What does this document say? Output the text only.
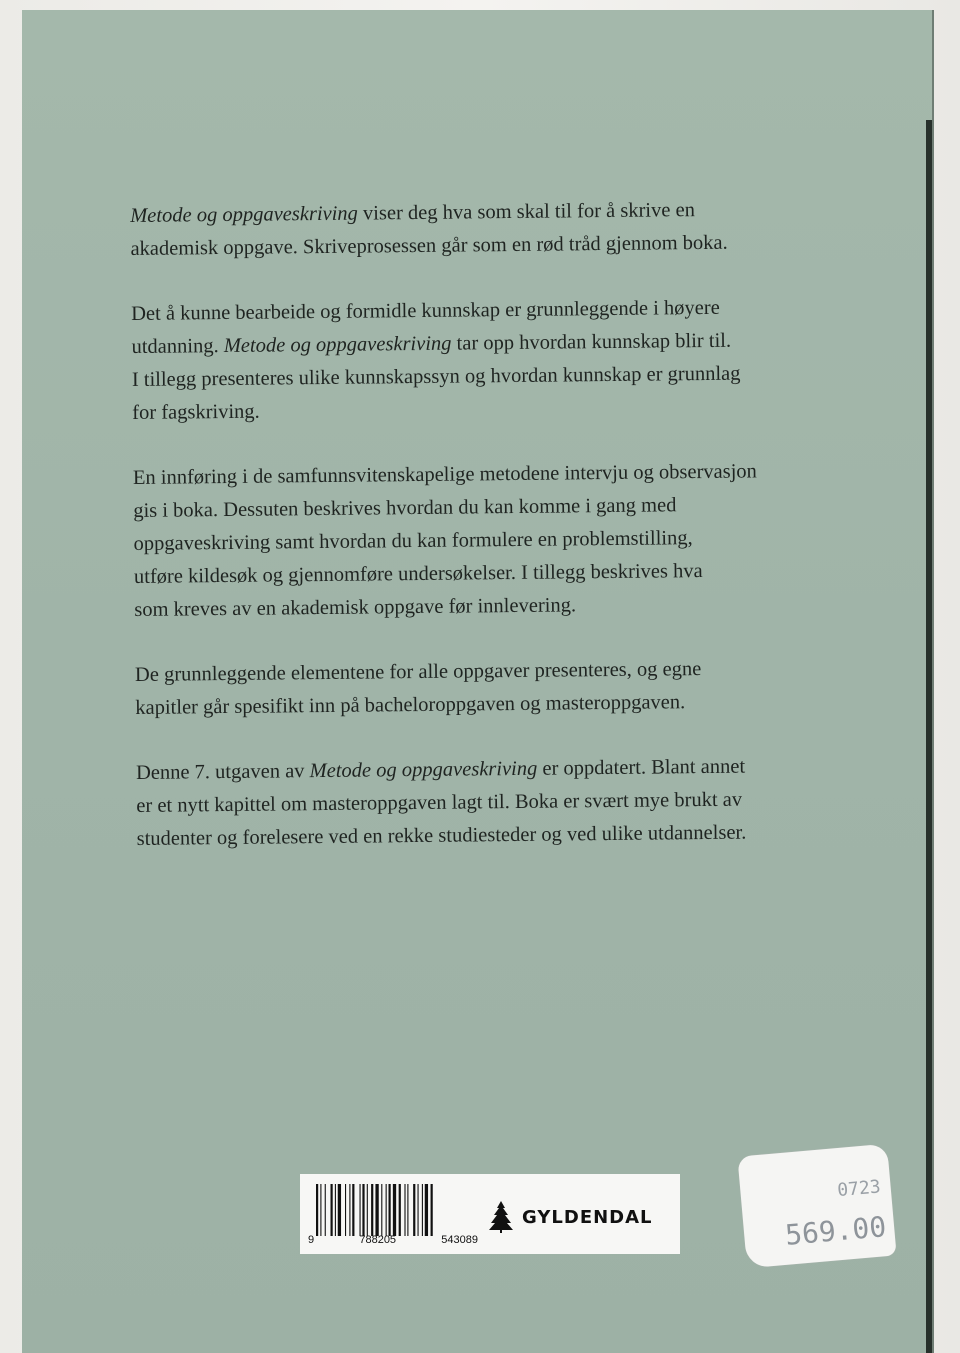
Metode og oppgaveskriving viser deg hva som skal til for å skrive en
akademisk oppgave. Skriveprosessen går som en rød tråd gjennom boka.

Det å kunne bearbeide og formidle kunnskap er grunnleggende i høyere
utdanning. Metode og oppgaveskriving tar opp hvordan kunnskap blir til.
I tillegg presenteres ulike kunnskapssyn og hvordan kunnskap er grunnlag
for fagskriving.

En innføring i de samfunnsvitenskapelige metodene intervju og observasjon
gis i boka. Dessuten beskrives hvordan du kan komme i gang med
oppgaveskriving samt hvordan du kan formulere en problemstilling,
utføre kildesøk og gjennomføre undersøkelser. I tillegg beskrives hva
som kreves av en akademisk oppgave før innlevering.

De grunnleggende elementene for alle oppgaver presenteres, og egne
kapitler går spesifikt inn på bacheloroppgaven og masteroppgaven.

Denne 7. utgaven av Metode og oppgaveskriving er oppdatert. Blant annet
er et nytt kapittel om masteroppgaven lagt til. Boka er svært mye brukt av
studenter og forelesere ved en rekke studiesteder og ved ulike utdannelser.

9	788205	543089
GYLDENDAL
0723
569.00
